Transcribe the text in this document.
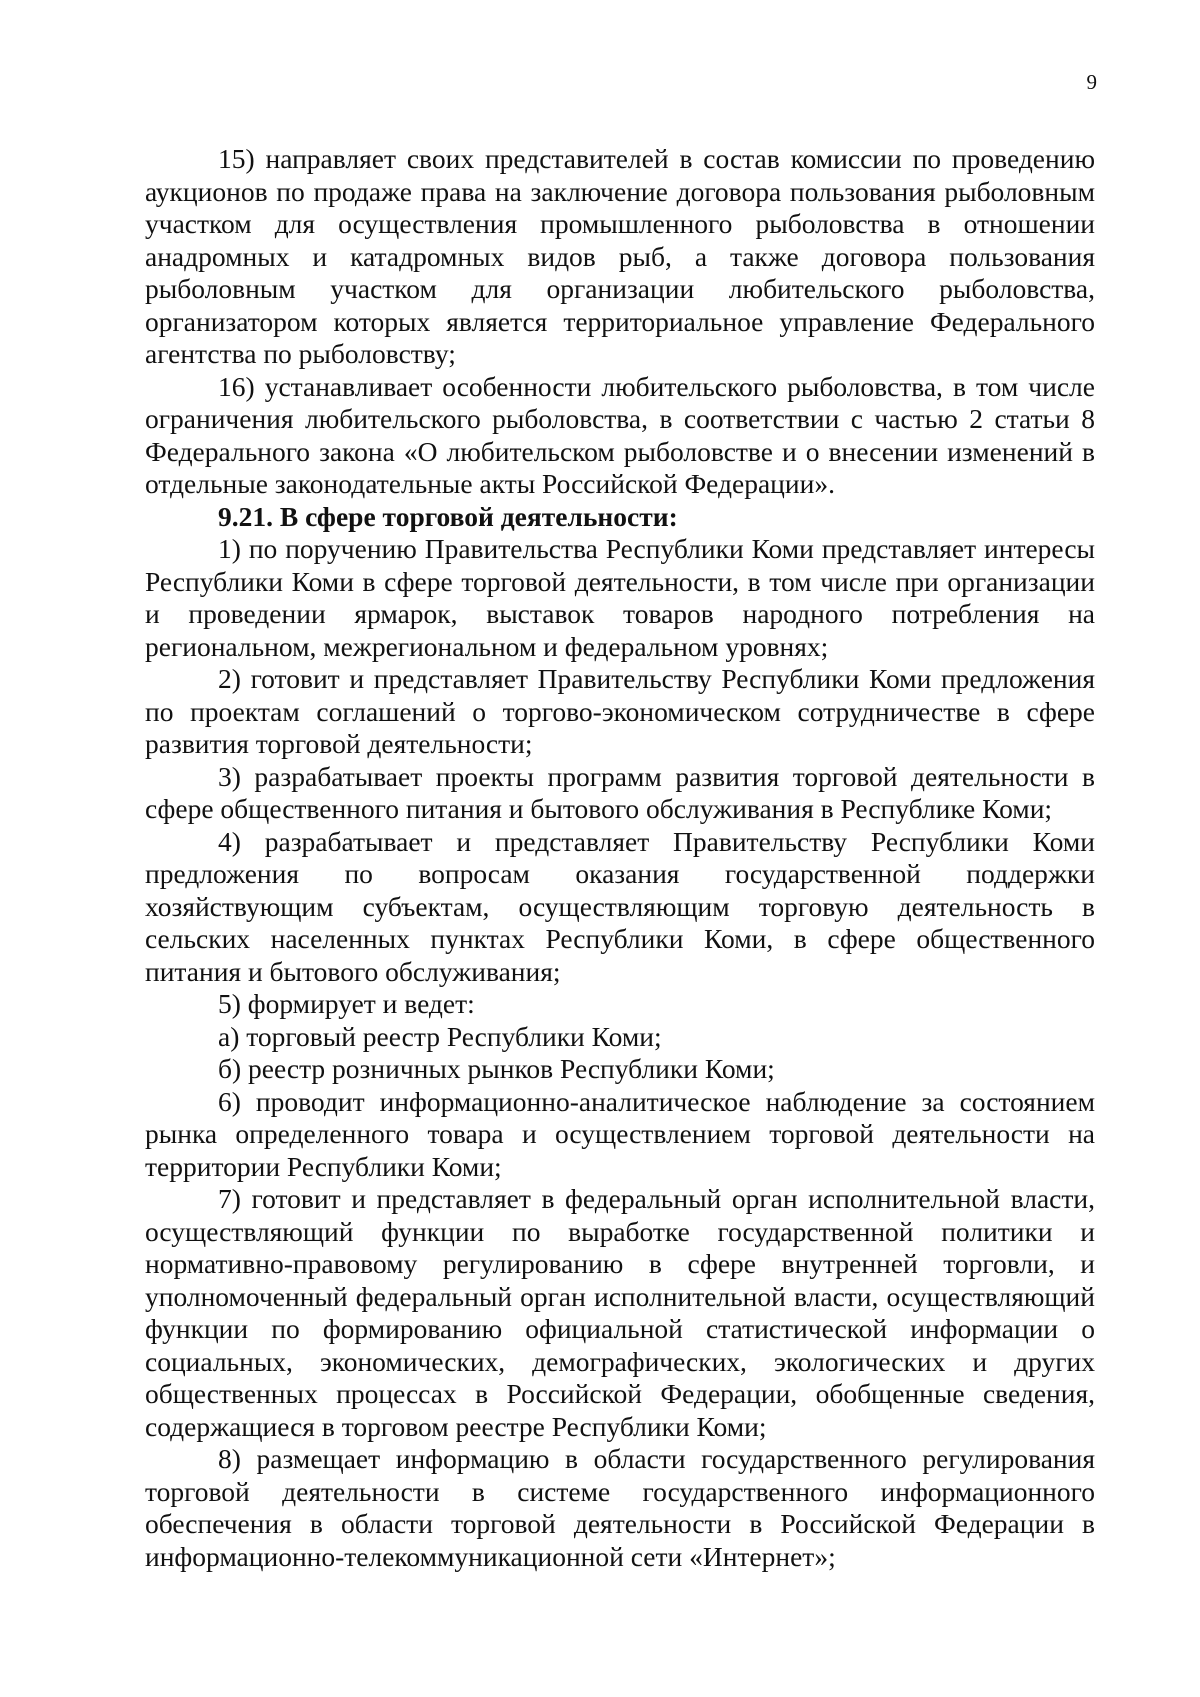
9

15) направляет своих представителей в состав комиссии по проведению аукционов по продаже права на заключение договора пользования рыболовным участком для осуществления промышленного рыболовства в отношении анадромных и катадромных видов рыб, а также договора пользования рыболовным участком для организации любительского рыболовства, организатором которых является территориальное управление Федерального агентства по рыболовству;

16) устанавливает особенности любительского рыболовства, в том числе ограничения любительского рыболовства, в соответствии с частью 2 статьи 8 Федерального закона «О любительском рыболовстве и о внесении изменений в отдельные законодательные акты Российской Федерации».

9.21. В сфере торговой деятельности:

1) по поручению Правительства Республики Коми представляет интересы Республики Коми в сфере торговой деятельности, в том числе при организации и проведении ярмарок, выставок товаров народного потребления на региональном, межрегиональном и федеральном уровнях;

2) готовит и представляет Правительству Республики Коми предложения по проектам соглашений о торгово-экономическом сотрудничестве в сфере развития торговой деятельности;

3) разрабатывает проекты программ развития торговой деятельности в сфере общественного питания и бытового обслуживания в Республике Коми;

4) разрабатывает и представляет Правительству Республики Коми предложения по вопросам оказания государственной поддержки хозяйствующим субъектам, осуществляющим торговую деятельность в сельских населенных пунктах Республики Коми, в сфере общественного питания и бытового обслуживания;

5) формирует и ведет:

а) торговый реестр Республики Коми;

б) реестр розничных рынков Республики Коми;

6) проводит информационно-аналитическое наблюдение за состоянием рынка определенного товара и осуществлением торговой деятельности на территории Республики Коми;

7) готовит и представляет в федеральный орган исполнительной власти, осуществляющий функции по выработке государственной политики и нормативно-правовому регулированию в сфере внутренней торговли, и уполномоченный федеральный орган исполнительной власти, осуществляющий функции по формированию официальной статистической информации о социальных, экономических, демографических, экологических и других общественных процессах в Российской Федерации, обобщенные сведения, содержащиеся в торговом реестре Республики Коми;

8) размещает информацию в области государственного регулирования торговой деятельности в системе государственного информационного обеспечения в области торговой деятельности в Российской Федерации в информационно-телекоммуникационной сети «Интернет»;
